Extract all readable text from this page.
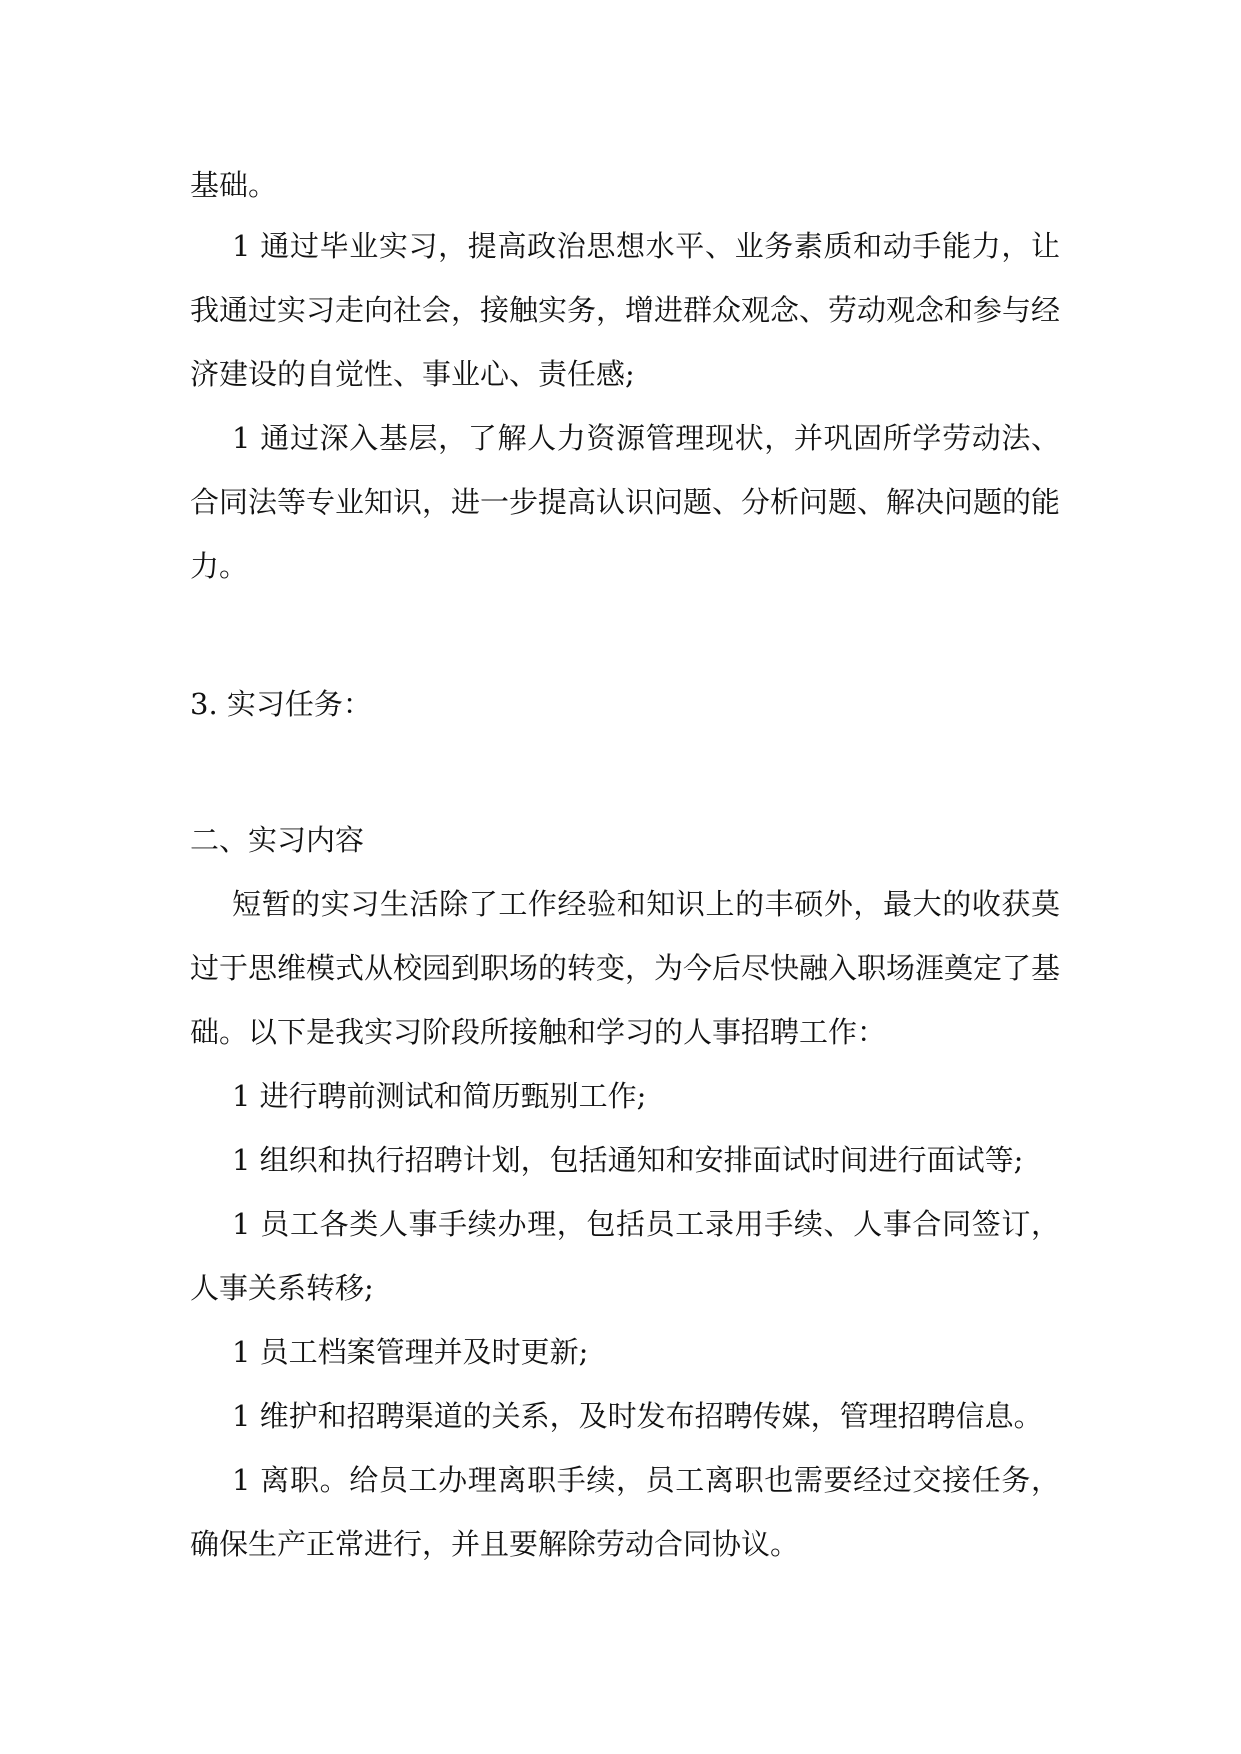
基础。
1 通过毕业实习，提高政治思想水平、业务素质和动手能力，让
我通过实习走向社会，接触实务，增进群众观念、劳动观念和参与经
济建设的自觉性、事业心、责任感;
1 通过深入基层，了解人力资源管理现状，并巩固所学劳动法、
合同法等专业知识，进一步提高认识问题、分析问题、解决问题的能
力。
3. 实习任务：
二、实习内容
短暂的实习生活除了工作经验和知识上的丰硕外，最大的收获莫
过于思维模式从校园到职场的转变，为今后尽快融入职场涯奠定了基
础。以下是我实习阶段所接触和学习的人事招聘工作：
1 进行聘前测试和简历甄别工作;
1 组织和执行招聘计划，包括通知和安排面试时间进行面试等;
1 员工各类人事手续办理，包括员工录用手续、人事合同签订，
人事关系转移;
1 员工档案管理并及时更新;
1 维护和招聘渠道的关系，及时发布招聘传媒，管理招聘信息。
1 离职。给员工办理离职手续，员工离职也需要经过交接任务，
确保生产正常进行，并且要解除劳动合同协议。
